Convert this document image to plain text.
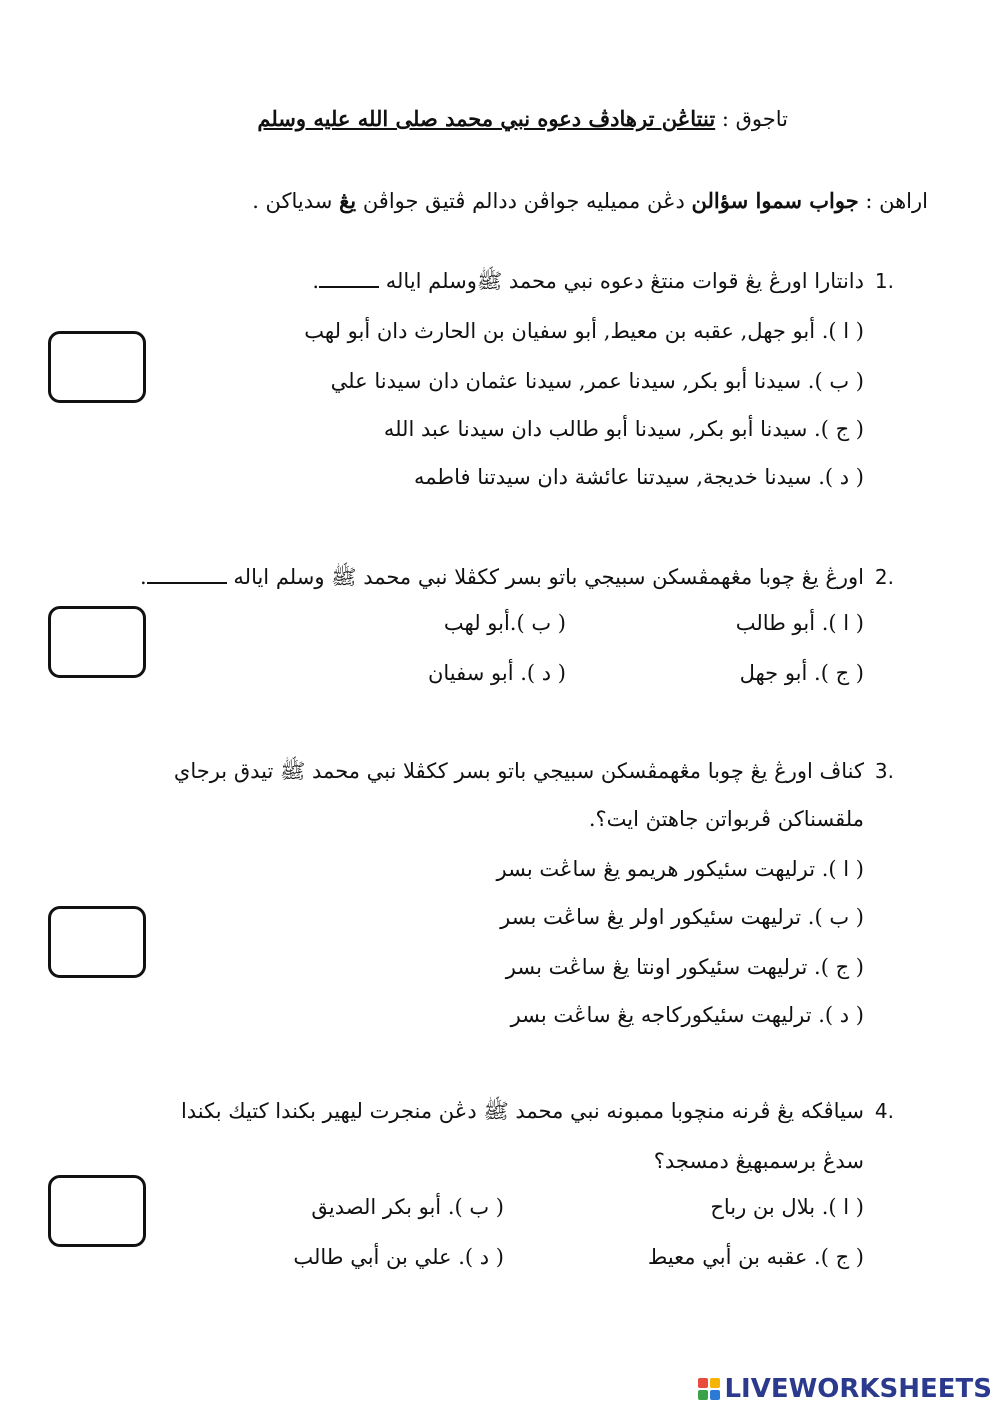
تاجوق : تنتاڠن ترهادڤ دعوه نبي محمد صلى الله عليه وسلم
اراهن : جواب سموا سؤالن دڠن مميليه جواڤن ددالم ڤتيق جواڤن يڠ سدياكن .
1.
دانتارا اورڠ يڠ قوات منتڠ دعوه نبي محمد ﷺوسلم اياله .
( ا ). أبو جهل, عقبه بن معيط, أبو سفيان بن الحارث دان أبو لهب
( ب ). سيدنا أبو بكر, سيدنا عمر, سيدنا عثمان دان سيدنا علي
( ج ). سيدنا أبو بكر, سيدنا أبو طالب دان سيدنا عبد الله
( د ). سيدنا خديجة, سيدتنا عائشة دان سيدتنا فاطمه
2.
اورڠ يڠ چوبا مڠهمڤسكن سبيجي باتو بسر ككڤلا نبي محمد ﷺ وسلم اياله .
( ا ). أبو طالب
( ب ).أبو لهب
( ج ). أبو جهل
( د ). أبو سفيان
3.
كناڤ اورڠ يڠ چوبا مڠهمڤسكن سبيجي باتو بسر ككڤلا نبي محمد ﷺ تيدق برجاي
ملقسناكن ڤربواتن جاهتڽ ايت؟.
( ا ). ترليهت سئيكور هريمو يڠ ساڠت بسر
( ب ). ترليهت سئيكور اولر يڠ ساڠت بسر
( ج ). ترليهت سئيكور اونتا يڠ ساڠت بسر
( د ). ترليهت سئيكوركاجه يڠ ساڠت بسر
4.
سياڤكه يڠ ڤرنه منچوبا ممبونه نبي محمد ﷺ دڠن منجرت ليهير بكندا كتيك بكندا
سدڠ برسمبهيڠ دمسجد؟
( ا ). بلال بن رباح
( ب ). أبو بكر الصديق
( ج ). عقبه بن أبي معيط
( د ). علي بن أبي طالب
LIVEWORKSHEETS
